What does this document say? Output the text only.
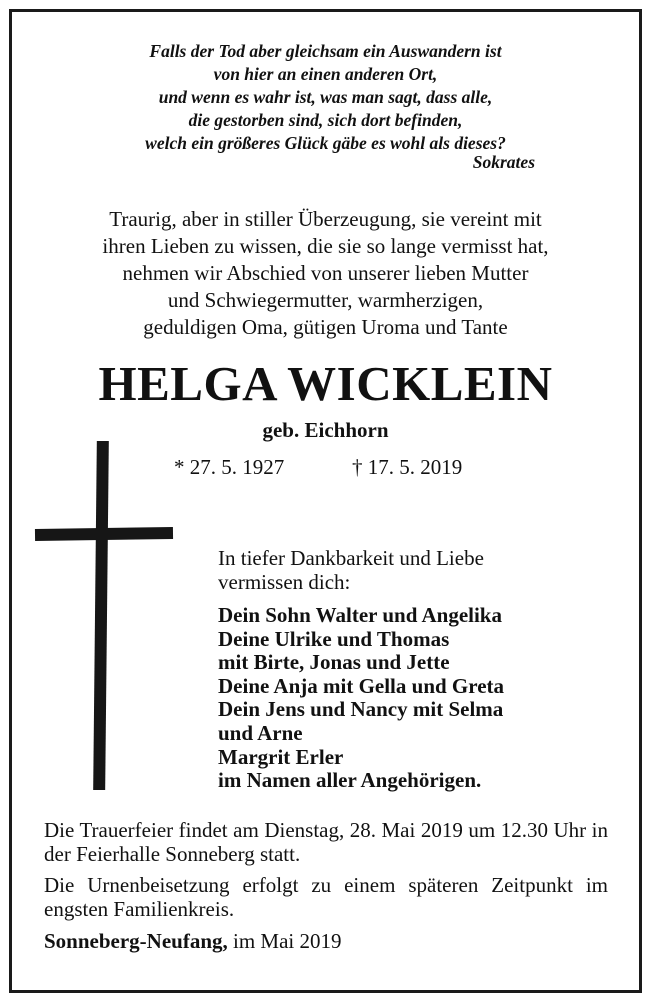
Falls der Tod aber gleichsam ein Auswandern ist
von hier an einen anderen Ort,
und wenn es wahr ist, was man sagt, dass alle,
die gestorben sind, sich dort befinden,
welch ein größeres Glück gäbe es wohl als dieses?
Sokrates
Traurig, aber in stiller Überzeugung, sie vereint mit
ihren Lieben zu wissen, die sie so lange vermisst hat,
nehmen wir Abschied von unserer lieben Mutter
und Schwiegermutter, warmherzigen,
geduldigen Oma, gütigen Uroma und Tante
HELGA WICKLEIN
geb. Eichhorn
* 27. 5. 1927	† 17. 5. 2019
In tiefer Dankbarkeit und Liebe
vermissen dich:
Dein Sohn Walter und Angelika
Deine Ulrike und Thomas
mit Birte, Jonas und Jette
Deine Anja mit Gella und Greta
Dein Jens und Nancy mit Selma
und Arne
Margrit Erler
im Namen aller Angehörigen.
Die Trauerfeier findet am Dienstag, 28. Mai 2019 um 12.30 Uhr in der Feierhalle Sonneberg statt.
Die Urnenbeisetzung erfolgt zu einem späteren Zeitpunkt im engsten Familienkreis.
Sonneberg-Neufang, im Mai 2019
